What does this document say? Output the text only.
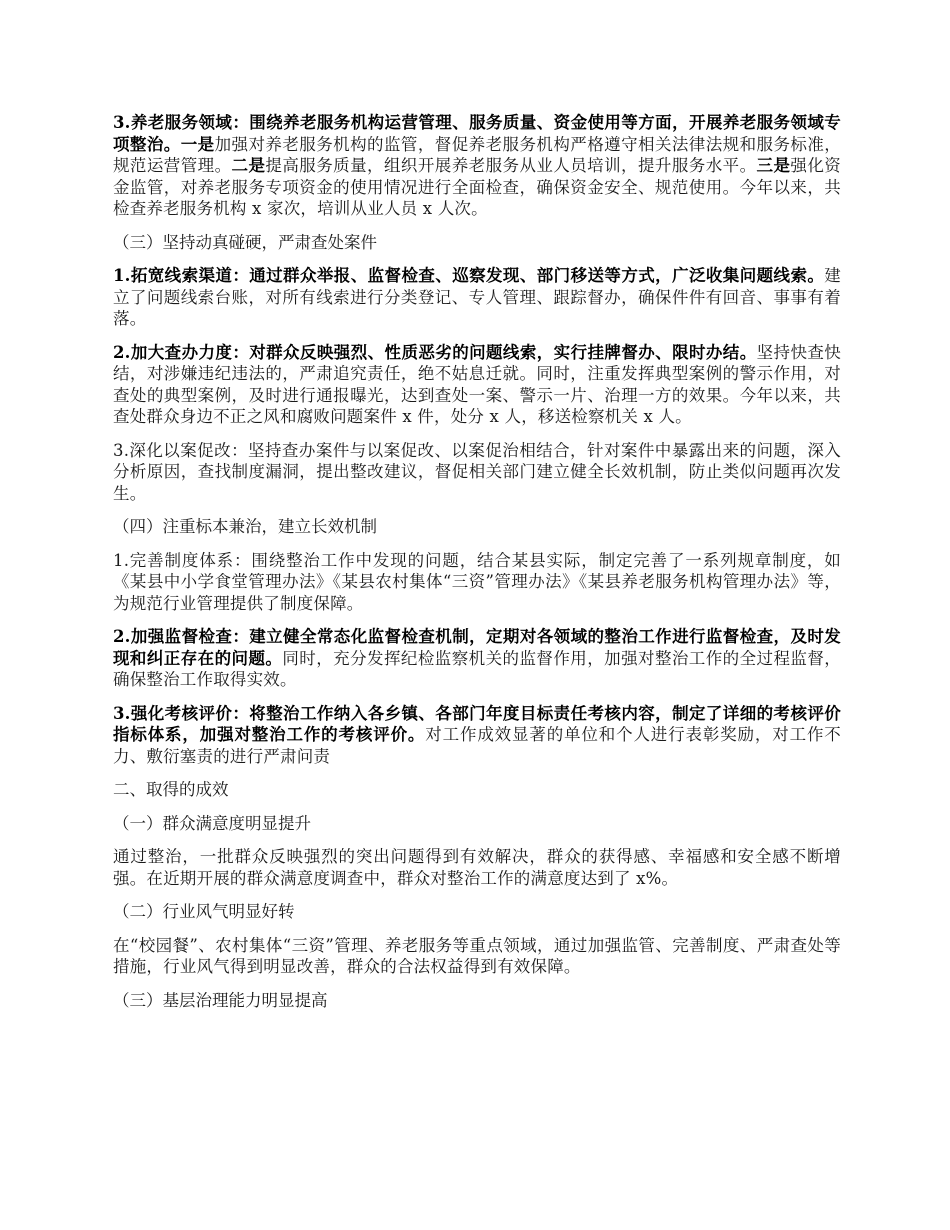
3.养老服务领域：围绕养老服务机构运营管理、服务质量、资金使用等方面，开展养老服务领域专项整治。一是加强对养老服务机构的监管，督促养老服务机构严格遵守相关法律法规和服务标准，规范运营管理。二是提高服务质量，组织开展养老服务从业人员培训，提升服务水平。三是强化资金监管，对养老服务专项资金的使用情况进行全面检查，确保资金安全、规范使用。今年以来，共检查养老服务机构 x 家次，培训从业人员 x 人次。

（三）坚持动真碰硬，严肃查处案件

1.拓宽线索渠道：通过群众举报、监督检查、巡察发现、部门移送等方式，广泛收集问题线索。建立了问题线索台账，对所有线索进行分类登记、专人管理、跟踪督办，确保件件有回音、事事有着落。

2.加大查办力度：对群众反映强烈、性质恶劣的问题线索，实行挂牌督办、限时办结。坚持快查快结，对涉嫌违纪违法的，严肃追究责任，绝不姑息迁就。同时，注重发挥典型案例的警示作用，对查处的典型案例，及时进行通报曝光，达到查处一案、警示一片、治理一方的效果。今年以来，共查处群众身边不正之风和腐败问题案件 x 件，处分 x 人，移送检察机关 x 人。

3.深化以案促改：坚持查办案件与以案促改、以案促治相结合，针对案件中暴露出来的问题，深入分析原因，查找制度漏洞，提出整改建议，督促相关部门建立健全长效机制，防止类似问题再次发生。

（四）注重标本兼治，建立长效机制

1.完善制度体系：围绕整治工作中发现的问题，结合某县实际，制定完善了一系列规章制度，如《某县中小学食堂管理办法》《某县农村集体“三资”管理办法》《某县养老服务机构管理办法》等，为规范行业管理提供了制度保障。

2.加强监督检查：建立健全常态化监督检查机制，定期对各领域的整治工作进行监督检查，及时发现和纠正存在的问题。同时，充分发挥纪检监察机关的监督作用，加强对整治工作的全过程监督，确保整治工作取得实效。

3.强化考核评价：将整治工作纳入各乡镇、各部门年度目标责任考核内容，制定了详细的考核评价指标体系，加强对整治工作的考核评价。对工作成效显著的单位和个人进行表彰奖励，对工作不力、敷衍塞责的进行严肃问责

二、取得的成效

（一）群众满意度明显提升

通过整治，一批群众反映强烈的突出问题得到有效解决，群众的获得感、幸福感和安全感不断增强。在近期开展的群众满意度调查中，群众对整治工作的满意度达到了 x%。

（二）行业风气明显好转

在“校园餐”、农村集体“三资”管理、养老服务等重点领域，通过加强监管、完善制度、严肃查处等措施，行业风气得到明显改善，群众的合法权益得到有效保障。

（三）基层治理能力明显提高
